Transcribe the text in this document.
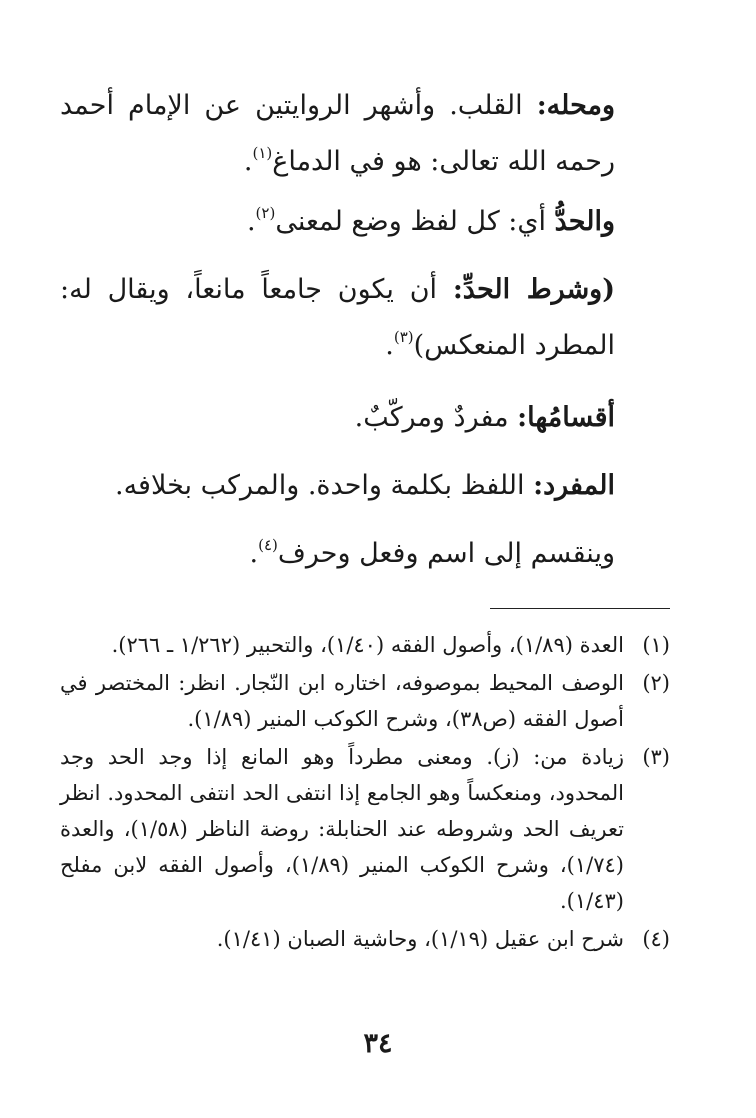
ومحله: القلب. وأشهر الروايتين عن الإمام أحمد رحمه الله تعالى: هو في الدماغ$^{(١)}$.

والحدُّ أي: كل لفظ وضع لمعنى$^{(٢)}$.

(وشرط الحدِّ: أن يكون جامعاً مانعاً، ويقال له: المطرد المنعكس)$^{(٣)}$.

أقسامُها: مفردٌ ومركّبٌ.

المفرد: اللفظ بكلمة واحدة. والمركب بخلافه.

وينقسم إلى اسم وفعل وحرف$^{(٤)}$.

(١)
العدة (١/٨٩)، وأصول الفقه (١/٤٠)، والتحبير (١/٢٦٢ ـ ٢٦٦).
(٢)
الوصف المحيط بموصوفه، اختاره ابن النّجار. انظر: المختصر في أصول الفقه (ص٣٨)، وشرح الكوكب المنير (١/٨٩).
(٣)
زيادة من: (ز). ومعنى مطرداً وهو المانع إذا وجد الحد وجد المحدود، ومنعكساً وهو الجامع إذا انتفى الحد انتفى المحدود. انظر تعريف الحد وشروطه عند الحنابلة: روضة الناظر (١/٥٨)، والعدة (١/٧٤)، وشرح الكوكب المنير (١/٨٩)، وأصول الفقه لابن مفلح (١/٤٣).
(٤)
شرح ابن عقيل (١/١٩)، وحاشية الصبان (١/٤١).
٣٤
